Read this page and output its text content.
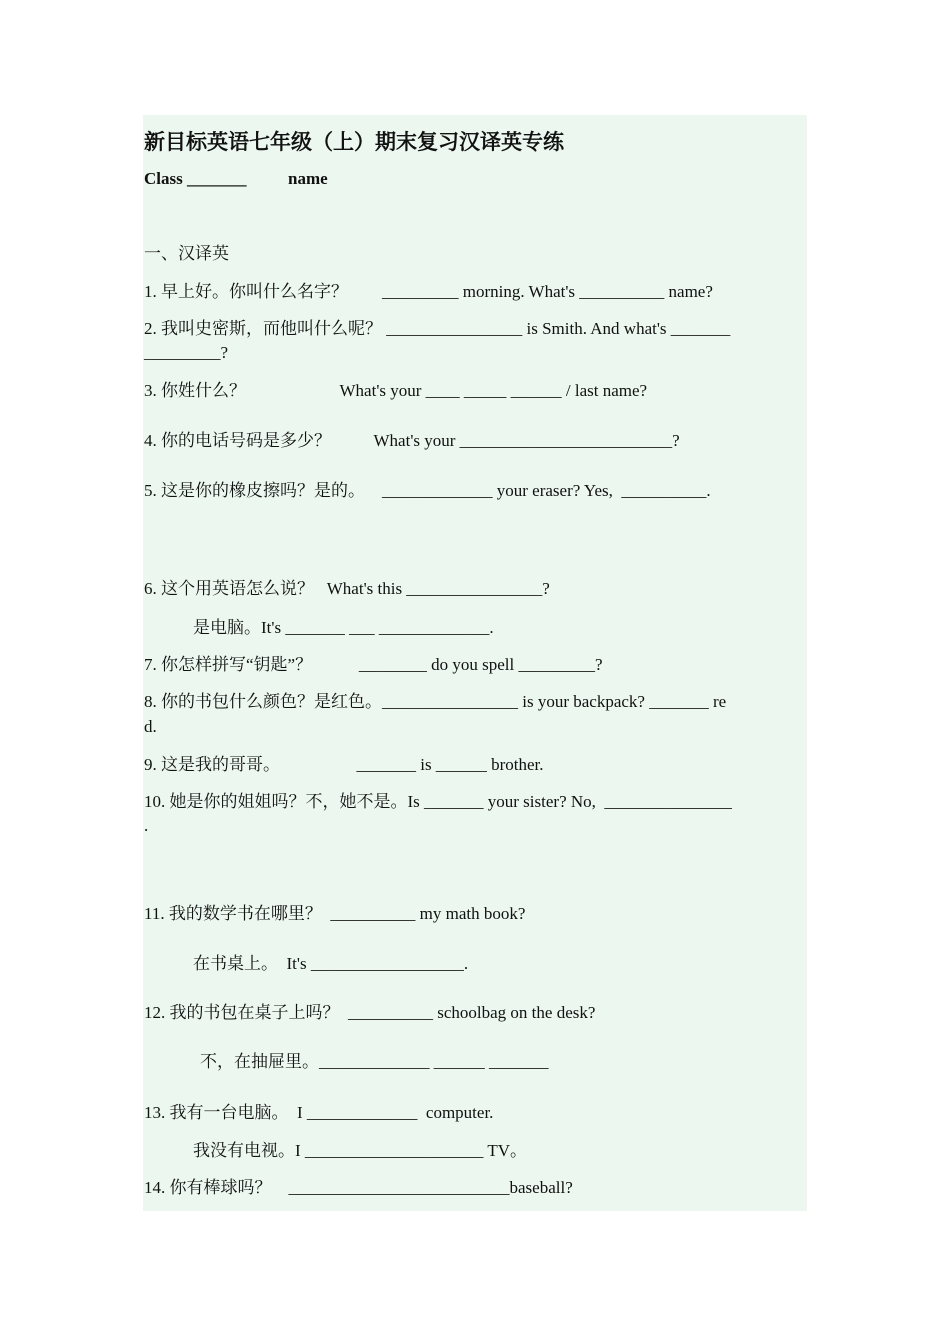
新目标英语七年级（上）期末复习汉译英专练
Class _______ name
一、汉译英
1. 早上好。你叫什么名字？        _________ morning. What's __________ name?
2. 我叫史密斯，而他叫什么呢？ ________________ is Smith. And what's _______
_________?
3. 你姓什么？                      What's your ____ _____ ______ / last name?
4. 你的电话号码是多少？          What's your _________________________?
5. 这是你的橡皮擦吗？是的。    _____________ your eraser? Yes,  __________.
6. 这个用英语怎么说？   What's this ________________?
是电脑。It's _______ ___ _____________.
7. 你怎样拼写“钥匙”？           ________ do you spell _________?
8. 你的书包什么颜色？是红色。________________ is your backpack? _______ re
d.
9. 这是我的哥哥。                  _______ is ______ brother.
10. 她是你的姐姐吗？不，她不是。Is _______ your sister? No,  _______________
.
11. 我的数学书在哪里？  __________ my math book?
在书桌上。  It's __________________.
12. 我的书包在桌子上吗？  __________ schoolbag on the desk?
不，在抽屉里。_____________ ______ _______
13. 我有一台电脑。  I _____________  computer.
我没有电视。I _____________________ TV。
14. 你有棒球吗？    __________________________baseball?
